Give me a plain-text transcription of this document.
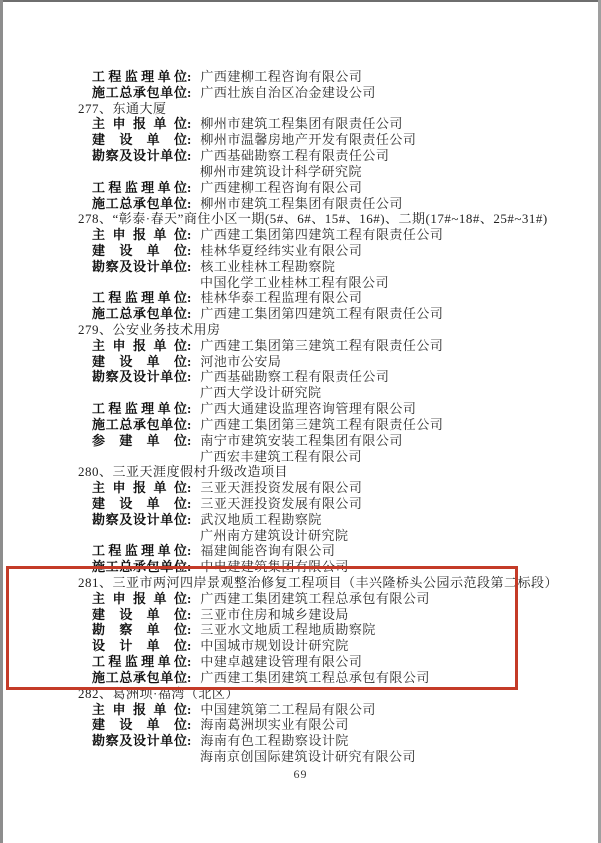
工 程 监 理 单 位 : 广西建柳工程咨询有限公司
施 工 总 承 包 单 位 : 广西壮族自治区冶金建设公司
277、东通大厦
主 申 报 单 位 : 柳州市建筑工程集团有限责任公司
建 设 单 位 : 柳州市温馨房地产开发有限责任公司
勘 察 及 设 计 单 位 : 广西基础勘察工程有限责任公司
柳州市建筑设计科学研究院
工 程 监 理 单 位 : 广西建柳工程咨询有限公司
施 工 总 承 包 单 位 : 柳州市建筑工程集团有限责任公司
278、“彰泰·春天”商住小区一期(5#、6#、15#、16#)、二期(17#~18#、25#~31#)
主 申 报 单 位 : 广西建工集团第四建筑工程有限责任公司
建 设 单 位 : 桂林华夏经纬实业有限公司
勘 察 及 设 计 单 位 : 核工业桂林工程勘察院
中国化学工业桂林工程有限公司
工 程 监 理 单 位 : 桂林华泰工程监理有限公司
施 工 总 承 包 单 位 : 广西建工集团第四建筑工程有限责任公司
279、公安业务技术用房
主 申 报 单 位 : 广西建工集团第三建筑工程有限责任公司
建 设 单 位 : 河池市公安局
勘 察 及 设 计 单 位 : 广西基础勘察工程有限责任公司
广西大学设计研究院
工 程 监 理 单 位 : 广西大通建设监理咨询管理有限公司
施 工 总 承 包 单 位 : 广西建工集团第三建筑工程有限责任公司
参 建 单 位 : 南宁市建筑安装工程集团有限公司
广西宏丰建筑工程有限公司
280、三亚天涯度假村升级改造项目
主 申 报 单 位 : 三亚天涯投资发展有限公司
建 设 单 位 : 三亚天涯投资发展有限公司
勘 察 及 设 计 单 位 : 武汉地质工程勘察院
广州南方建筑设计研究院
工 程 监 理 单 位 : 福建闽能咨询有限公司
施 工 总 承 包 单 位 : 中电建建筑集团有限公司
281、三亚市两河四岸景观整治修复工程项目（丰兴隆桥头公园示范段第二标段）
主 申 报 单 位 : 广西建工集团建筑工程总承包有限公司
建 设 单 位 : 三亚市住房和城乡建设局
勘 察 单 位 : 三亚水文地质工程地质勘察院
设 计 单 位 : 中国城市规划设计研究院
工 程 监 理 单 位 : 中建卓越建设管理有限公司
施 工 总 承 包 单 位 : 广西建工集团建筑工程总承包有限公司
282、葛洲坝·福湾（北区）
主 申 报 单 位 : 中国建筑第二工程局有限公司
建 设 单 位 : 海南葛洲坝实业有限公司
勘 察 及 设 计 单 位 : 海南有色工程勘察设计院
海南京创国际建筑设计研究有限公司
69
